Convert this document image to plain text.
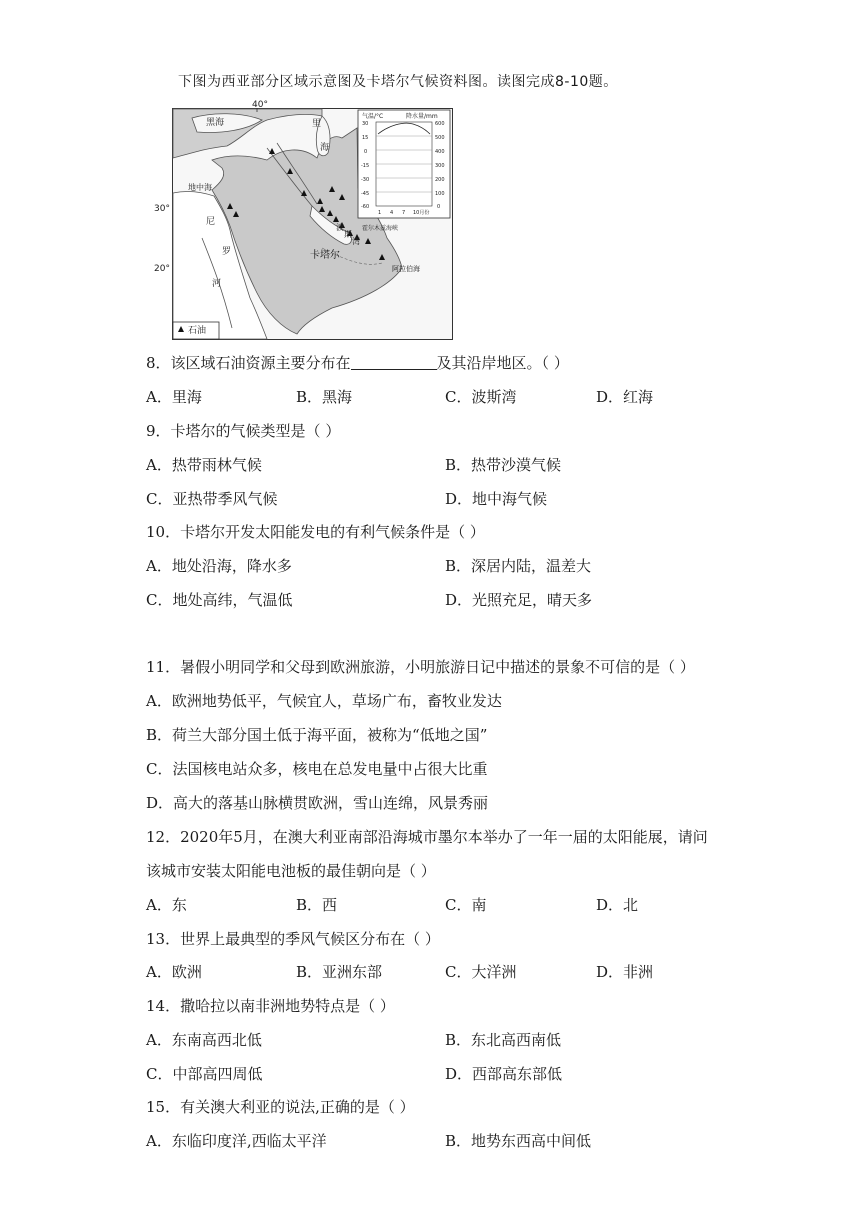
下图为西亚部分区域示意图及卡塔尔气候资料图。读图完成8-10题。
40°
30°
20°
黑海	里
海
地中海
尼
罗
河
波
斯
湾
卡塔尔
霍尔木兹海峡
阿拉伯海
石油
气温/°C	降水量/mm
30
15
0
-15
-30
-45
-60
600
500
400
300
200
100
0
1 4 7 10月份
8．该区域石油资源主要分布在	及其沿岸地区。（ ）
A．里海	B．黑海	C．波斯湾	D．红海
9．卡塔尔的气候类型是（ ）
A．热带雨林气候	B．热带沙漠气候
C．亚热带季风气候	D．地中海气候
10．卡塔尔开发太阳能发电的有利气候条件是（ ）
A．地处沿海，降水多	B．深居内陆，温差大
C．地处高纬，气温低	D．光照充足，晴天多
11．暑假小明同学和父母到欧洲旅游，小明旅游日记中描述的景象不可信的是（ ）
A．欧洲地势低平，气候宜人，草场广布，畜牧业发达
B．荷兰大部分国土低于海平面，被称为“低地之国”
C．法国核电站众多，核电在总发电量中占很大比重
D．高大的落基山脉横贯欧洲，雪山连绵，风景秀丽
12．2020年5月，在澳大利亚南部沿海城市墨尔本举办了一年一届的太阳能展，请问
该城市安装太阳能电池板的最佳朝向是（ ）
A．东	B．西	C．南	D．北
13．世界上最典型的季风气候区分布在（ ）
A．欧洲	B．亚洲东部	C．大洋洲	D．非洲
14．撒哈拉以南非洲地势特点是（ ）
A．东南高西北低	B．东北高西南低
C．中部高四周低	D．西部高东部低
15．有关澳大利亚的说法,正确的是（ ）
A．东临印度洋,西临太平洋	B．地势东西高中间低
